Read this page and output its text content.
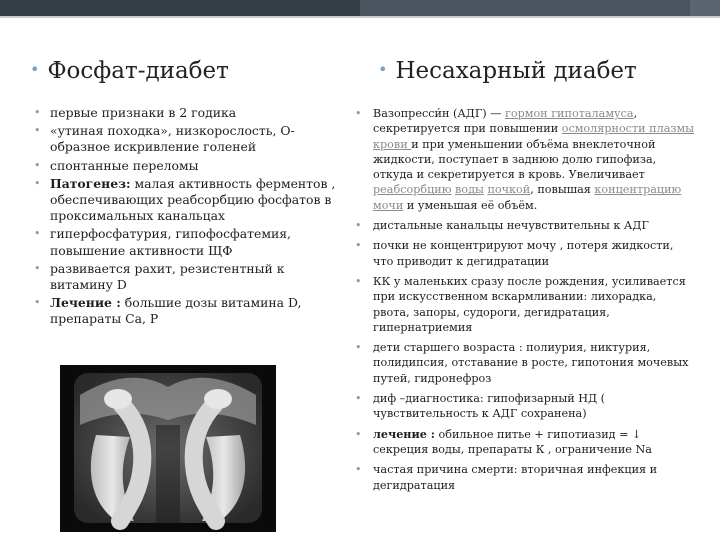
• Фосфат-диабет	• Несахарный диабет
• первые признаки в 2 годика
• «утиная походка», низкорослость, О-образное искривление голеней
• спонтанные переломы
• Патогенез: малая активность ферментов , обеспечивающих реабсорбцию фосфатов в проксимальных канальцах
• гиперфосфатурия, гипофосфатемия, повышение активности ЩФ
• развивается рахит, резистентный к витамину D
• Лечение : большие дозы витамина D, препараты Са, Р
• Вазопресси́н (АДГ) — гормон гипоталамуса, секретируется при повышении осмолярности плазмы крови и при уменьшении объёма внеклеточной жидкости, поступает в заднюю долю гипофиза, откуда и секретируется в кровь. Увеличивает реабсорбцию воды почкой, повышая концентрацию мочи и уменьшая её объём.
• дистальные канальцы нечувствительны к АДГ
• почки не концентрируют мочу , потеря жидкости, что приводит к дегидратации
• КК у маленьких сразу после рождения, усиливается при искусственном вскармливании: лихорадка, рвота, запоры, судороги, дегидратация, гипернатриемия
• дети старшего возраста : полиурия, никтурия, полидипсия, отставание в росте, гипотония мочевых путей, гидронефроз
• диф –диагностика: гипофизарный НД ( чувствительность к АДГ сохранена)
• лечение : обильное питье + гипотиазид = ↓ секреция воды, препараты К , ограничение Na
• частая причина смерти: вторичная инфекция и дегидратация
